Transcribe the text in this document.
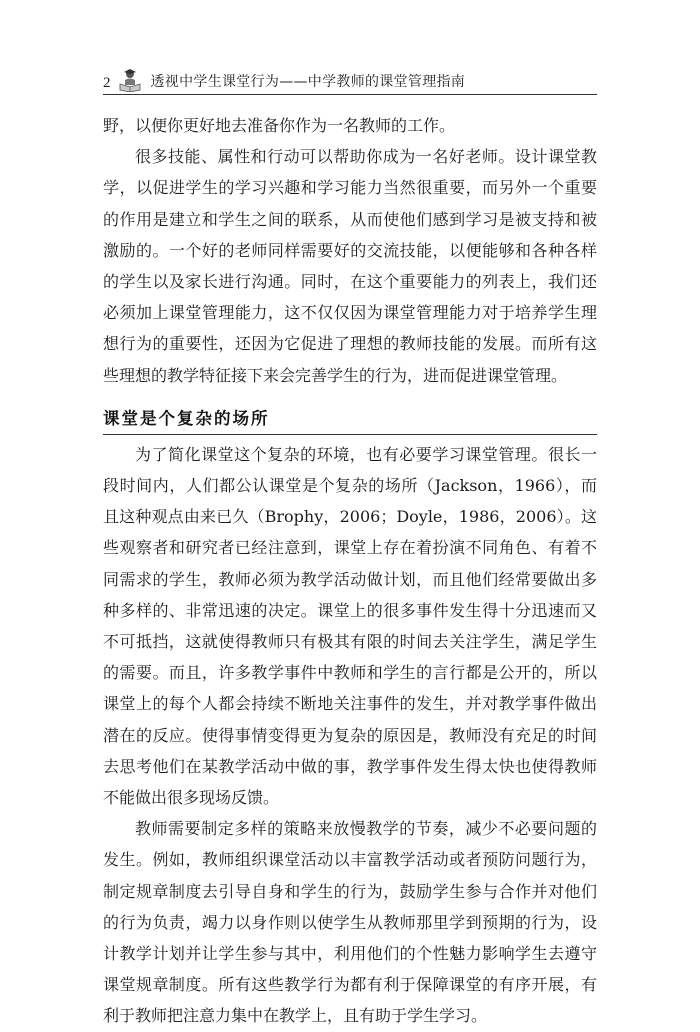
2	透视中学生课堂行为——中学教师的课堂管理指南

野，以便你更好地去准备你作为一名教师的工作。

很多技能、属性和行动可以帮助你成为一名好老师。设计课堂教学，以促进学生的学习兴趣和学习能力当然很重要，而另外一个重要的作用是建立和学生之间的联系，从而使他们感到学习是被支持和被激励的。一个好的老师同样需要好的交流技能，以便能够和各种各样的学生以及家长进行沟通。同时，在这个重要能力的列表上，我们还必须加上课堂管理能力，这不仅仅因为课堂管理能力对于培养学生理想行为的重要性，还因为它促进了理想的教师技能的发展。而所有这些理想的教学特征接下来会完善学生的行为，进而促进课堂管理。

课堂是个复杂的场所

为了简化课堂这个复杂的环境，也有必要学习课堂管理。很长一段时间内，人们都公认课堂是个复杂的场所（Jackson，1966），而且这种观点由来已久（Brophy，2006；Doyle，1986，2006）。这些观察者和研究者已经注意到，课堂上存在着扮演不同角色、有着不同需求的学生，教师必须为教学活动做计划，而且他们经常要做出多种多样的、非常迅速的决定。课堂上的很多事件发生得十分迅速而又不可抵挡，这就使得教师只有极其有限的时间去关注学生，满足学生的需要。而且，许多教学事件中教师和学生的言行都是公开的，所以课堂上的每个人都会持续不断地关注事件的发生，并对教学事件做出潜在的反应。使得事情变得更为复杂的原因是，教师没有充足的时间去思考他们在某教学活动中做的事，教学事件发生得太快也使得教师不能做出很多现场反馈。

教师需要制定多样的策略来放慢教学的节奏，减少不必要问题的发生。例如，教师组织课堂活动以丰富教学活动或者预防问题行为，制定规章制度去引导自身和学生的行为，鼓励学生参与合作并对他们的行为负责，竭力以身作则以使学生从教师那里学到预期的行为，设计教学计划并让学生参与其中，利用他们的个性魅力影响学生去遵守课堂规章制度。所有这些教学行为都有利于保障课堂的有序开展，有利于教师把注意力集中在教学上，且有助于学生学习。
